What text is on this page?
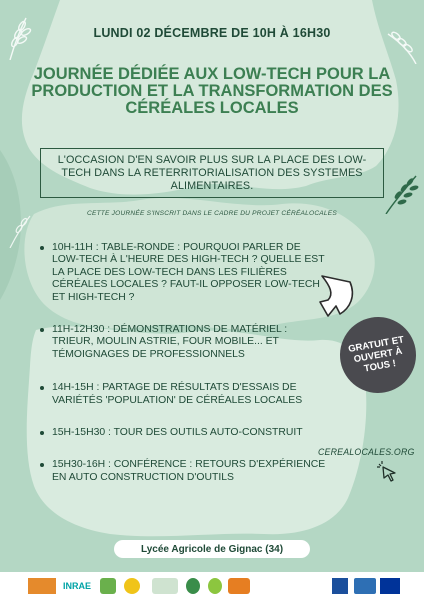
LUNDI 02 DÉCEMBRE DE 10H À 16H30
JOURNÉE DÉDIÉE AUX LOW-TECH POUR LA PRODUCTION ET LA TRANSFORMATION DES CÉRÉALES LOCALES
L'OCCASION D'EN SAVOIR PLUS SUR LA PLACE DES LOW-TECH DANS LA RETERRITORIALISATION DES SYSTEMES ALIMENTAIRES.
CETTE JOURNÉE S'INSCRIT DANS LE CADRE DU PROJET CÉRÉALOCALES
10H-11H : TABLE-RONDE : POURQUOI PARLER DE LOW-TECH À L'HEURE DES HIGH-TECH ? QUELLE EST LA PLACE DES LOW-TECH DANS LES FILIÈRES CÉRÉALES LOCALES ? FAUT-IL OPPOSER LOW-TECH ET HIGH-TECH ?
11H-12H30 : DÉMONSTRATIONS DE MATÉRIEL : TRIEUR, MOULIN ASTRIE, FOUR MOBILE... ET TÉMOIGNAGES DE PROFESSIONNELS
14H-15H : PARTAGE DE RÉSULTATS D'ESSAIS DE VARIÉTÉS 'POPULATION' DE CÉRÉALES LOCALES
15H-15H30 : TOUR DES OUTILS AUTO-CONSTRUIT
15H30-16H : CONFÉRENCE : RETOURS D'EXPÉRIENCE EN AUTO CONSTRUCTION D'OUTILS
GRATUIT ET OUVERT À TOUS !
CEREALOCALES.ORG
Lycée Agricole de Gignac (34)
INRAE
